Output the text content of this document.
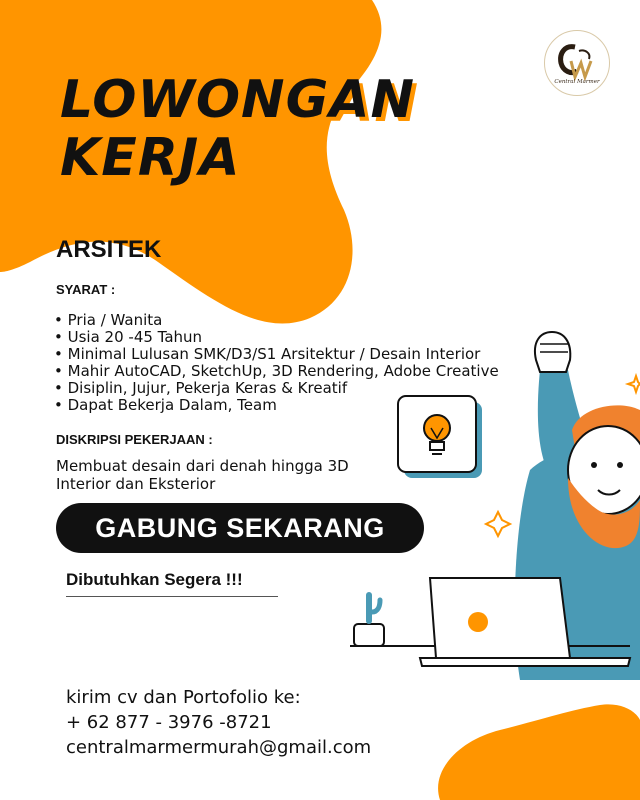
Central Marmer
LOWONGAN
KERJA
ARSITEK
SYARAT :
• Pria / Wanita
• Usia 20 -45 Tahun
• Minimal Lulusan SMK/D3/S1 Arsitektur / Desain Interior
• Mahir AutoCAD, SketchUp, 3D Rendering, Adobe Creative
• Disiplin, Jujur, Pekerja Keras & Kreatif
• Dapat Bekerja Dalam, Team
DISKRIPSI PEKERJAAN :
Membuat desain dari denah hingga 3D
Interior dan Eksterior
GABUNG SEKARANG
Dibutuhkan Segera !!!
kirim cv dan Portofolio ke:
+ 62 877 - 3976 -8721
centralmarmermurah@gmail.com
